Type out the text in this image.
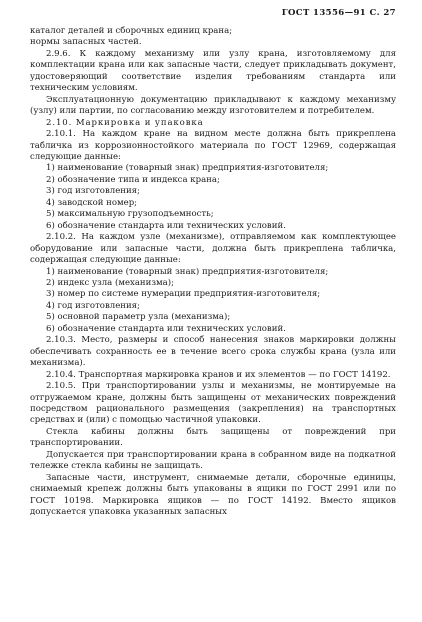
ГОСТ 13556—91 С. 27

каталог деталей и сборочных единиц крана;

нормы запасных частей.

2.9.6. К каждому механизму или узлу крана, изготовляемому для комплектации крана или как запасные части, следует прикладывать документ, удостоверяющий соответствие изделия требованиям стандарта или техническим условиям.

Эксплуатационную документацию прикладывают к каждому механизму (узлу) или партии, по согласованию между изготовителем и потребителем.

2.10. Маркировка и упаковка

2.10.1. На каждом кране на видном месте должна быть прикреплена табличка из коррозионностойкого материала по ГОСТ 12969, содержащая следующие данные:

1) наименование (товарный знак) предприятия-изготовителя;

2) обозначение типа и индекса крана;

3) год изготовления;

4) заводской номер;

5) максимальную грузоподъемность;

6) обозначение стандарта или технических условий.

2.10.2. На каждом узле (механизме), отправляемом как комплектующее оборудование или запасные части, должна быть прикреплена табличка, содержащая следующие данные:

1) наименование (товарный знак) предприятия-изготовителя;

2) индекс узла (механизма);

3) номер по системе нумерации предприятия-изготовителя;

4) год изготовления;

5) основной параметр узла (механизма);

6) обозначение стандарта или технических условий.

2.10.3. Место, размеры и способ нанесения знаков маркировки должны обеспечивать сохранность ее в течение всего срока службы крана (узла или механизма).

2.10.4. Транспортная маркировка кранов и их элементов — по ГОСТ 14192.

2.10.5. При транспортировании узлы и механизмы, не монтируемые на отгружаемом кране, должны быть защищены от механических повреждений посредством рационального размещения (закрепления) на транспортных средствах и (или) с помощью частичной упаковки.

Стекла кабины должны быть защищены от повреждений при транспортировании.

Допускается при транспортировании крана в собранном виде на подкатной тележке стекла кабины не защищать.

Запасные части, инструмент, снимаемые детали, сборочные единицы, снимаемый крепеж должны быть упакованы в ящики по ГОСТ 2991 или по ГОСТ 10198. Маркировка ящиков — по ГОСТ 14192. Вместо ящиков допускается упаковка указанных запасных
